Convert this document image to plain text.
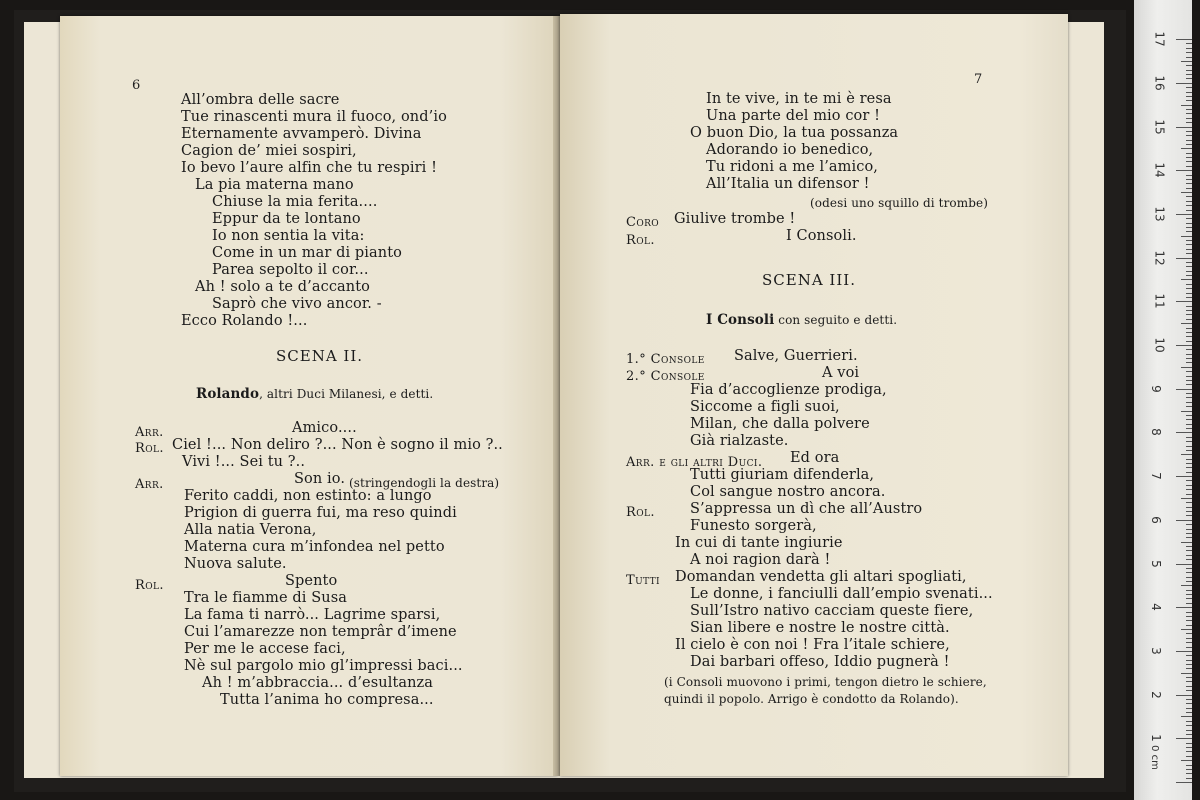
6
All’ombra delle sacre
Tue rinascenti mura il fuoco, ond’io
Eternamente avvamperò. Divina
Cagion de’ miei sospiri,
Io bevo l’aure alfin che tu respiri !
La pia materna mano
Chiuse la mia ferita....
Eppur da te lontano
Io non sentia la vita:
Come in un mar di pianto
Parea sepolto il cor...
Ah ! solo a te d’accanto
Saprò che vivo ancor. -
Ecco Rolando !...
SCENA II.
Rolando, altri Duci Milanesi, e detti.
Arr.	Amico....
Rol. Ciel !... Non deliro ?... Non è sogno il mio ?..
Vivi !... Sei tu ?..
Arr.	Son io. (stringendogli la destra)
Ferito caddi, non estinto: a lungo
Prigion di guerra fui, ma reso quindi
Alla natia Verona,
Materna cura m’infondea nel petto
Nuova salute.
Rol.	Spento
Tra le fiamme di Susa
La fama ti narrò... Lagrime sparsi,
Cui l’amarezze non temprâr d’imene
Per me le accese faci,
Nè sul pargolo mio gl’impressi baci...
Ah ! m’abbraccia... d’esultanza
Tutta l’anima ho compresa...
7
In te vive, in te mi è resa
Una parte del mio cor !
O buon Dio, la tua possanza
Adorando io benedico,
Tu ridoni a me l’amico,
All’Italia un difensor !
(odesi uno squillo di trombe)
Coro Giulive trombe !
Rol.	I Consoli.
SCENA III.
I Consoli con seguito e detti.
1.° Console Salve, Guerrieri.
2.° Console	A voi
Fia d’accoglienze prodiga,
Siccome a figli suoi,
Milan, che dalla polvere
Già rialzaste.
Arr. e gli altri Duci. Ed ora
Tutti giuriam difenderla,
Col sangue nostro ancora.
Rol. S’appressa un dì che all’Austro
Funesto sorgerà,
In cui di tante ingiurie
A noi ragion darà !
Tutti Domandan vendetta gli altari spogliati,
Le donne, i fanciulli dall’empio svenati...
Sull’Istro nativo cacciam queste fiere,
Sian libere e nostre le nostre città.
Il cielo è con noi ! Fra l’itale schiere,
Dai barbari offeso, Iddio pugnerà !
(i Consoli muovono i primi, tengon dietro le schiere,
quindi il popolo. Arrigo è condotto da Rolando).
0 cm
1
2
3
4
5
6
7
8
9
10
11
12
13
14
15
16
17
